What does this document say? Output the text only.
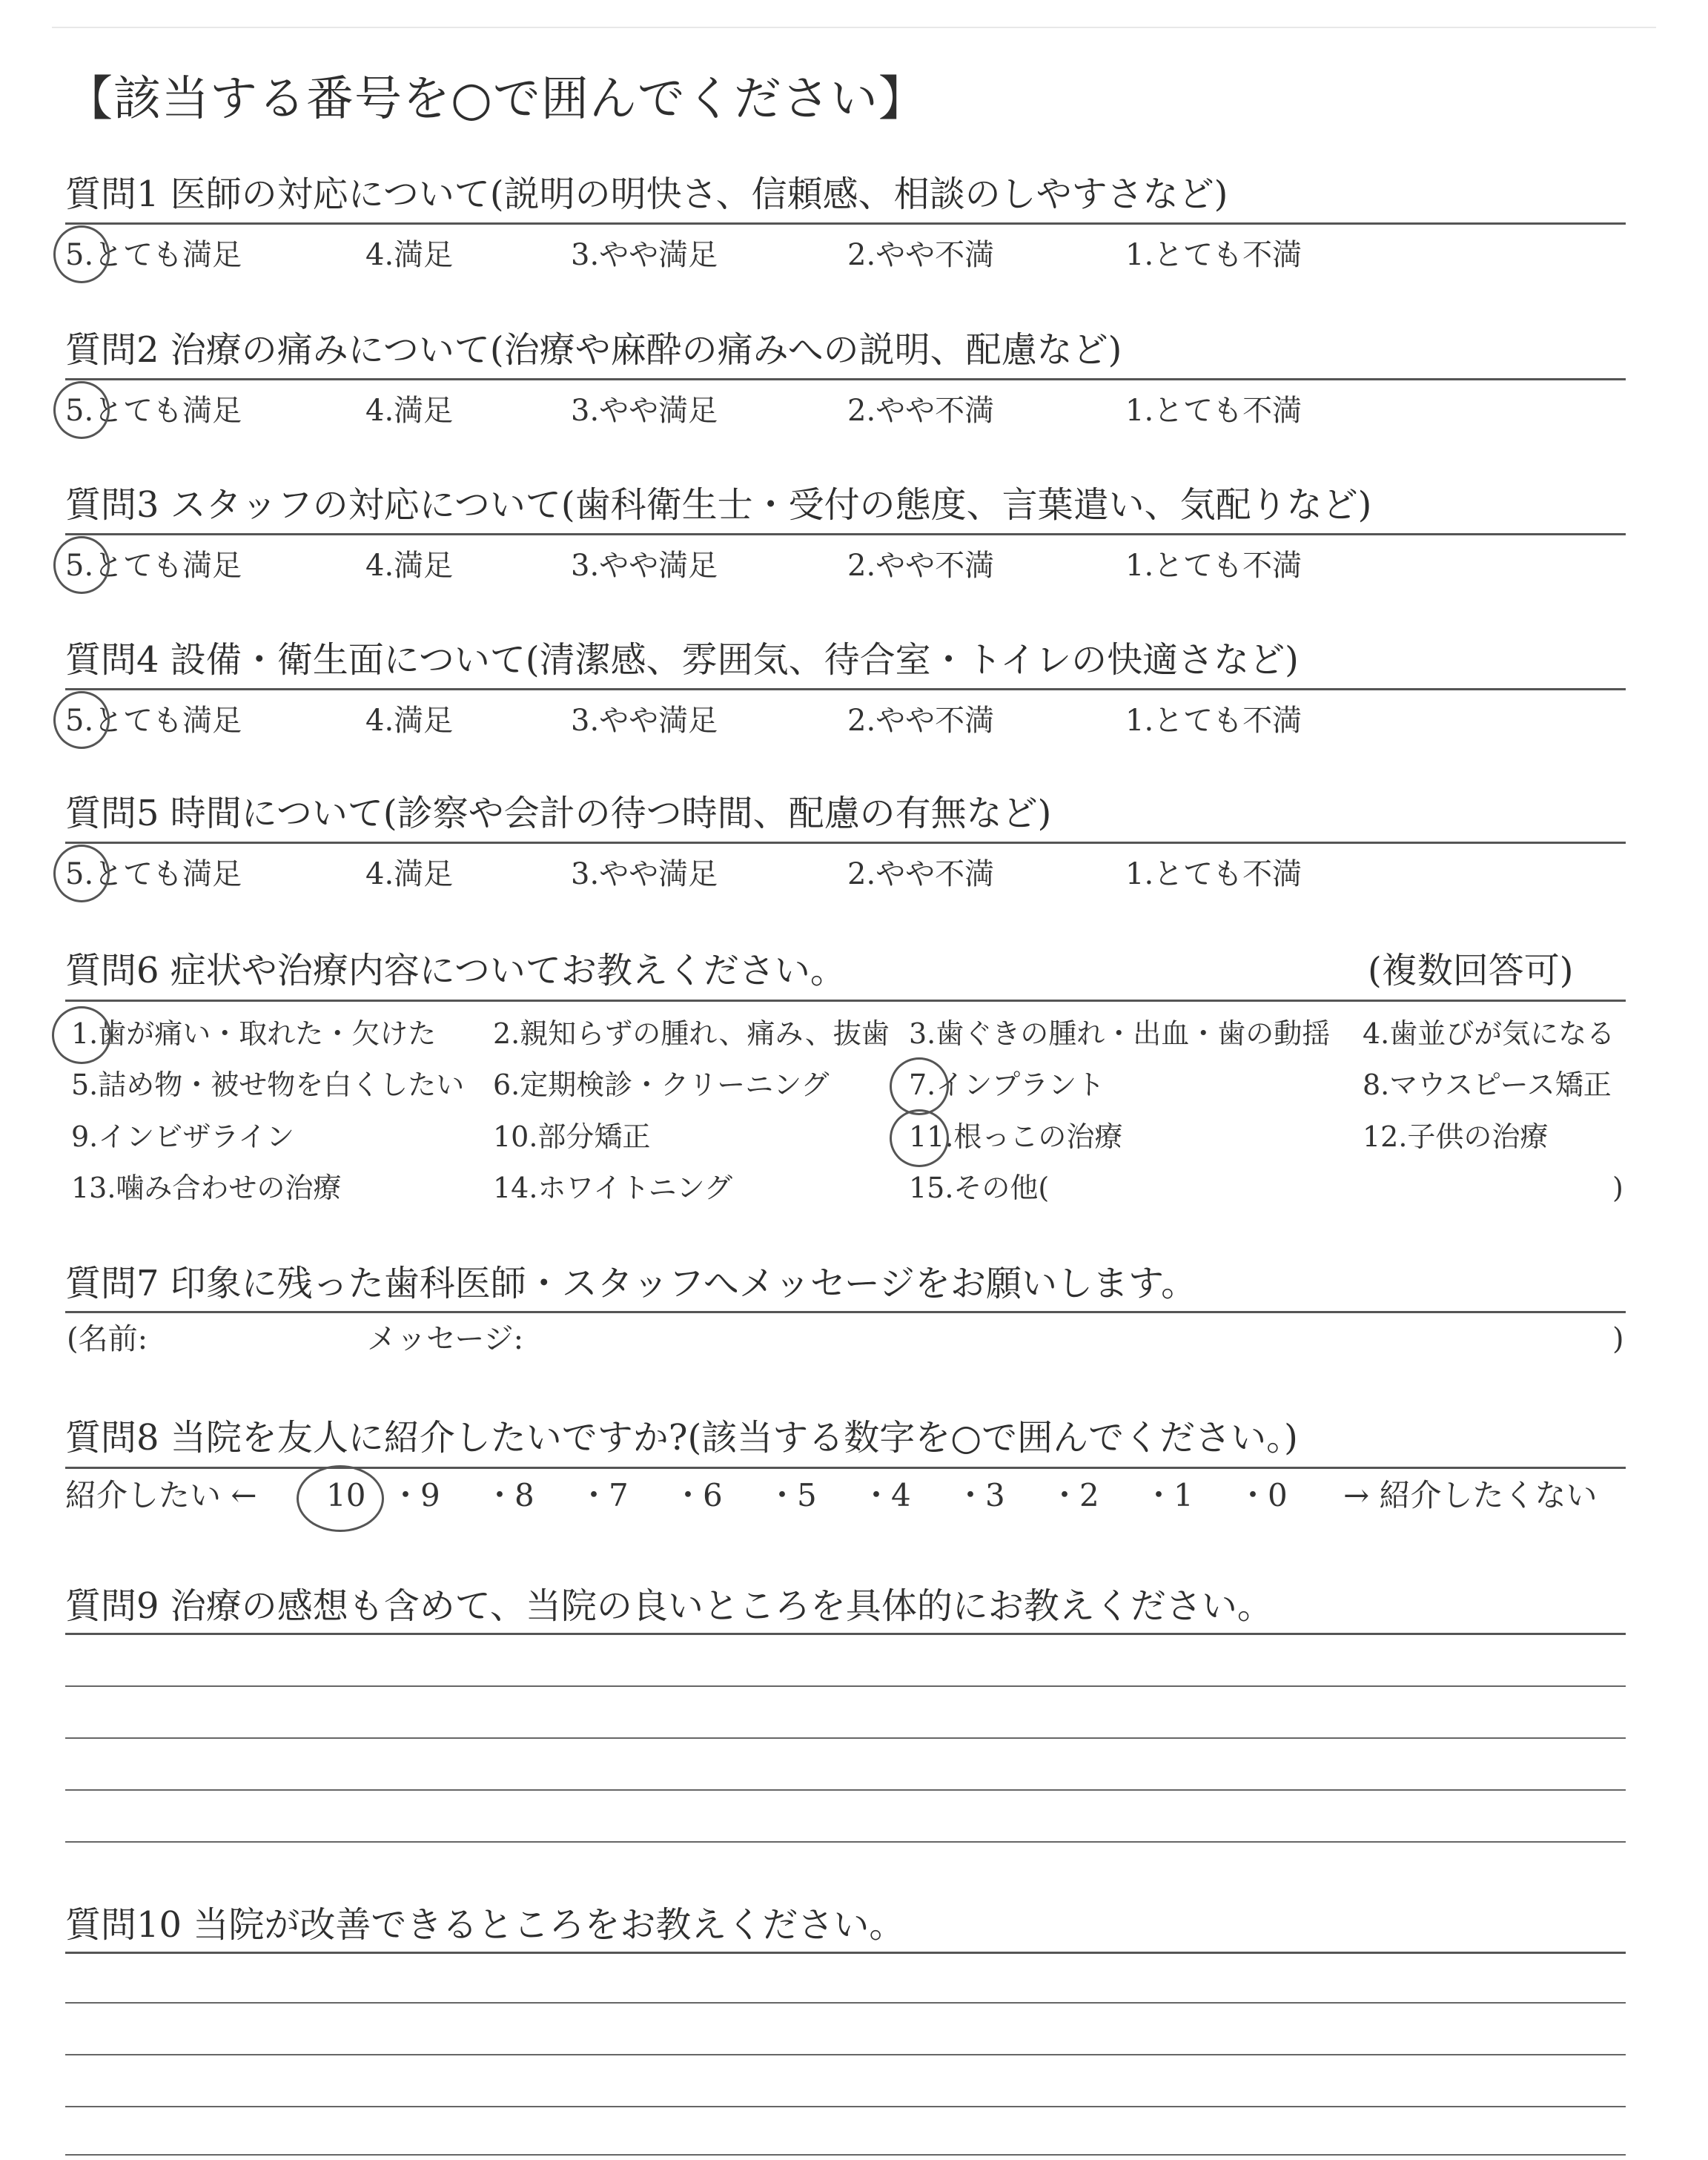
【該当する番号を○で囲んでください】
質問1 医師の対応について(説明の明快さ、信頼感、相談のしやすさなど)
5.とても満足	4.満足	3.やや満足	2.やや不満	1.とても不満
質問2 治療の痛みについて(治療や麻酔の痛みへの説明、配慮など)
5.とても満足	4.満足	3.やや満足	2.やや不満	1.とても不満
質問3 スタッフの対応について(歯科衛生士・受付の態度、言葉遣い、気配りなど)
5.とても満足	4.満足	3.やや満足	2.やや不満	1.とても不満
質問4 設備・衛生面について(清潔感、雰囲気、待合室・トイレの快適さなど)
5.とても満足	4.満足	3.やや満足	2.やや不満	1.とても不満
質問5 時間について(診察や会計の待つ時間、配慮の有無など)
5.とても満足	4.満足	3.やや満足	2.やや不満	1.とても不満
質問6 症状や治療内容についてお教えください。	(複数回答可)
1.歯が痛い・取れた・欠けた 2.親知らずの腫れ、痛み、抜歯 3.歯ぐきの腫れ・出血・歯の動揺 4.歯並びが気になる
5.詰め物・被せ物を白くしたい 6.定期検診・クリーニング	7.インプラント	8.マウスピース矯正
9.インビザライン	10.部分矯正	11.根っこの治療	12.子供の治療
13.噛み合わせの治療	14.ホワイトニング	15.その他(	)
質問7 印象に残った歯科医師・スタッフへメッセージをお願いします。
(名前:	メッセージ:	)
質問8 当院を友人に紹介したいですか?(該当する数字を○で囲んでください。)
紹介したい ← 10 ・
9 ・
8 ・
7 ・
6 ・
5 ・
4 ・
3 ・
2 ・
1 ・
0 → 紹介したくない
質問9 治療の感想も含めて、当院の良いところを具体的にお教えください。
質問10 当院が改善できるところをお教えください。
